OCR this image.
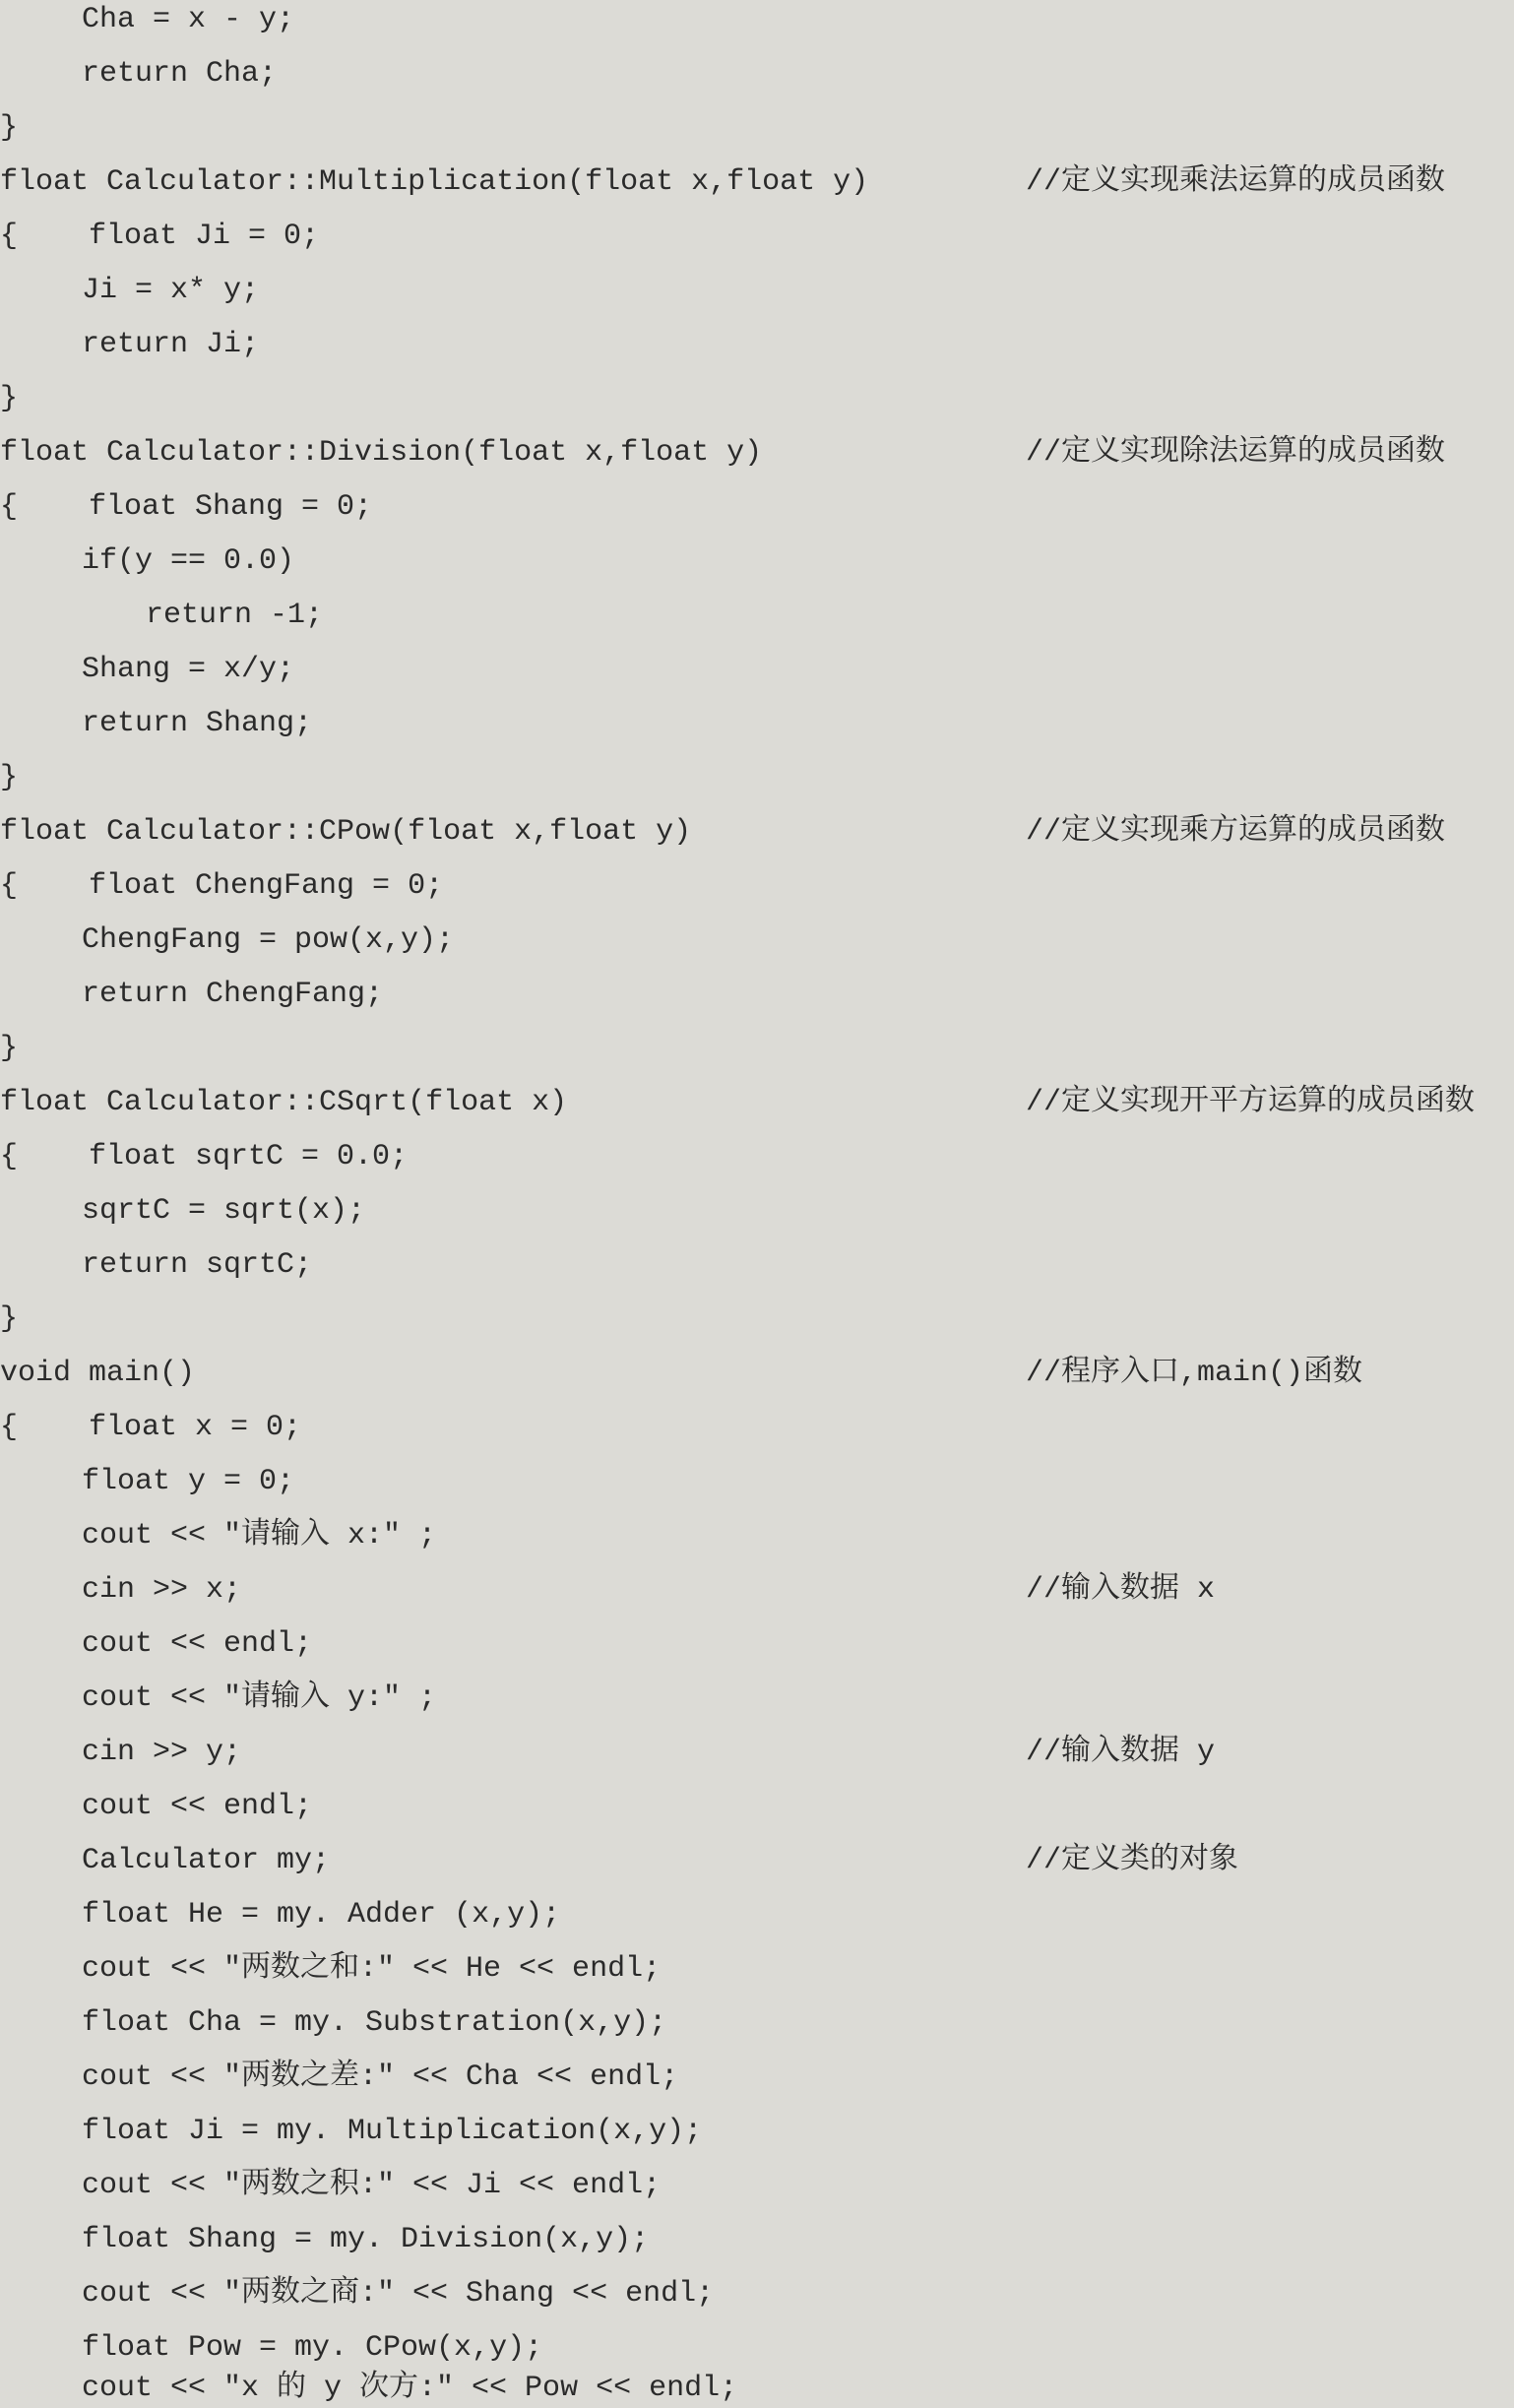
Cha = x - y;
return Cha;
}
float Calculator::Multiplication(float x,float y)	//定义实现乘法运算的成员函数
{    float Ji = 0;
Ji = x* y;
return Ji;
}
float Calculator::Division(float x,float y)	//定义实现除法运算的成员函数
{    float Shang = 0;
if(y == 0.0)
return -1;
Shang = x/y;
return Shang;
}
float Calculator::CPow(float x,float y)	//定义实现乘方运算的成员函数
{    float ChengFang = 0;
ChengFang = pow(x,y);
return ChengFang;
}
float Calculator::CSqrt(float x)	//定义实现开平方运算的成员函数
{    float sqrtC = 0.0;
sqrtC = sqrt(x);
return sqrtC;
}
void main()	//程序入口,main()函数
{    float x = 0;
float y = 0;
cout << "请输入 x:" ;
cin >> x;	//输入数据 x
cout << endl;
cout << "请输入 y:" ;
cin >> y;	//输入数据 y
cout << endl;
Calculator my;	//定义类的对象
float He = my. Adder (x,y);
cout << "两数之和:" << He << endl;
float Cha = my. Substration(x,y);
cout << "两数之差:" << Cha << endl;
float Ji = my. Multiplication(x,y);
cout << "两数之积:" << Ji << endl;
float Shang = my. Division(x,y);
cout << "两数之商:" << Shang << endl;
float Pow = my. CPow(x,y);
cout << "x 的 y 次方:" << Pow << endl;
